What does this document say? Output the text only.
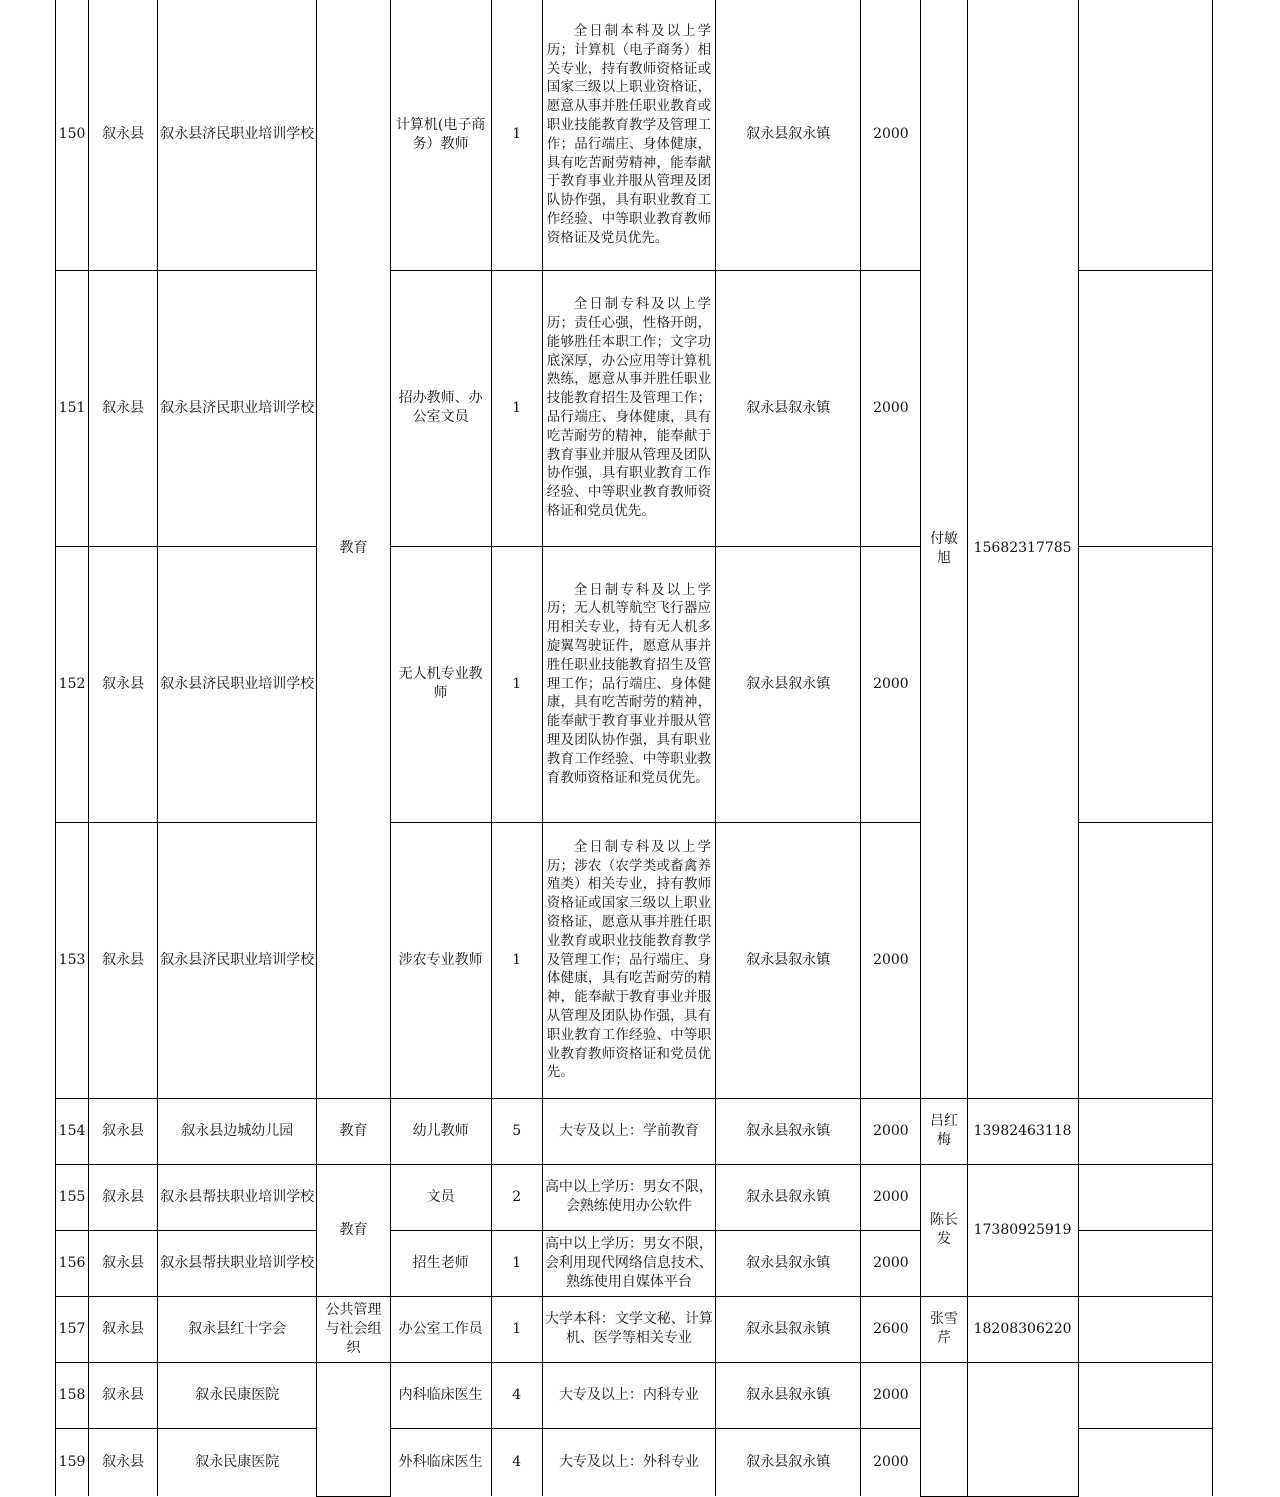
150	叙永县	叙永县济民职业培训学校	教育	计算机(电子商务）教师	1	全日制本科及以上学历；计算机（电子商务）相关专业，持有教师资格证或国家三级以上职业资格证，愿意从事并胜任职业教育或职业技能教育教学及管理工作；品行端庄、身体健康，具有吃苦耐劳精神，能奉献于教育事业并服从管理及团队协作强，具有职业教育工作经验、中等职业教育教师资格证及党员优先。	叙永县叙永镇	2000	付敏旭	15682317785	
151	叙永县	叙永县济民职业培训学校		招办教师、办公室文员	1	全日制专科及以上学历；责任心强，性格开朗，能够胜任本职工作；文字功底深厚，办公应用等计算机熟练，愿意从事并胜任职业技能教育招生及管理工作；品行端庄、身体健康，具有吃苦耐劳的精神，能奉献于教育事业并服从管理及团队协作强，具有职业教育工作经验、中等职业教育教师资格证和党员优先。	叙永县叙永镇	2000			
152	叙永县	叙永县济民职业培训学校		无人机专业教师	1	全日制专科及以上学历；无人机等航空飞行器应用相关专业，持有无人机多旋翼驾驶证件，愿意从事并胜任职业技能教育招生及管理工作；品行端庄、身体健康，具有吃苦耐劳的精神，能奉献于教育事业并服从管理及团队协作强，具有职业教育工作经验、中等职业教育教师资格证和党员优先。	叙永县叙永镇	2000			
153	叙永县	叙永县济民职业培训学校		涉农专业教师	1	全日制专科及以上学历；涉农（农学类或畜禽养殖类）相关专业，持有教师资格证或国家三级以上职业资格证，愿意从事并胜任职业教育或职业技能教育教学及管理工作；品行端庄、身体健康，具有吃苦耐劳的精神，能奉献于教育事业并服从管理及团队协作强，具有职业教育工作经验、中等职业教育教师资格证和党员优先。	叙永县叙永镇	2000			
154	叙永县	叙永县边城幼儿园	教育	幼儿教师	5	大专及以上：学前教育	叙永县叙永镇	2000	吕红梅	13982463118	
155	叙永县	叙永县帮扶职业培训学校	教育	文员	2	高中以上学历：男女不限，会熟练使用办公软件	叙永县叙永镇	2000	陈长发	17380925919	
156	叙永县	叙永县帮扶职业培训学校		招生老师	1	高中以上学历：男女不限，会利用现代网络信息技术、熟练使用自媒体平台	叙永县叙永镇	2000			
157	叙永县	叙永县红十字会	公共管理与社会组织	办公室工作员	1	大学本科：文学文秘、计算机、医学等相关专业	叙永县叙永镇	2600	张雪芹	18208306220	
158	叙永县	叙永民康医院		内科临床医生	4	大专及以上：内科专业	叙永县叙永镇	2000			
159	叙永县	叙永民康医院		外科临床医生	4	大专及以上：外科专业	叙永县叙永镇	2000			
